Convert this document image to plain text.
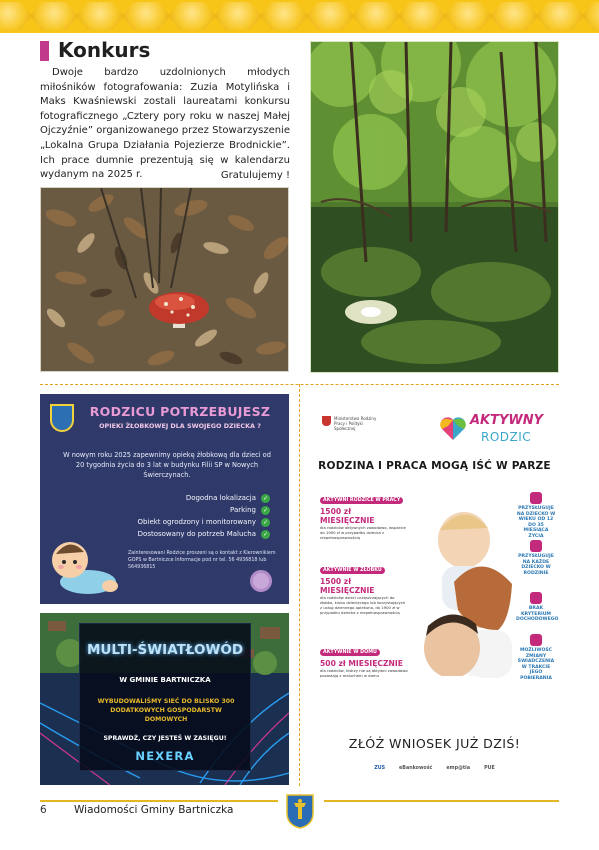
Konkurs

Dwoje bardzo uzdolnionych młodych miłośników fotografowania: Zuzia Motylińska i Maks Kwaśniewski zostali laureatami konkursu fotograficznego „Cztery pory roku w naszej Małej Ojczyźnie” organizowanego przez Stowarzyszenie „Lokalna Grupa Działania Pojezierze Brodnickie”. Ich prace dumnie prezentują się w kalendarzu wydanym na 2025 r.	Gratulujemy !
RODZICU POTRZEBUJESZ
OPIEKI ŻŁOBKOWEJ DLA SWOJEGO DZIECKA ?
W nowym roku 2025 zapewnimy opiekę żłobkową dla dzieci od 20 tygodnia życia do 3 lat w budynku Filii SP w Nowych Świerczynach.
Dogodna lokalizacja	✓
Parking	✓
Obiekt ogrodzony i monitorowany	✓
Dostosowany do potrzeb Malucha	✓
Zainteresowani Rodzice proszeni są o kontakt z Kierownikiem GOPS w Bartniczce Informacje pod nr tel. 56 4936818 lub 564936815
MULTI-ŚWIATŁOWÓD
W GMINIE BARTNICZKA
WYBUDOWALIŚMY SIEĆ DO BLISKO 300 DODATKOWYCH GOSPODARSTW DOMOWYCH
SPRAWDŹ, CZY JESTEŚ W ZASIĘGU!
NEXERA
Ministerstwo Rodziny Pracy i Polityki Społecznej
AKTYWNY
RODZIC
RODZINA I PRACA MOGĄ IŚĆ W PARZE
AKTYWNI RODZICE W PRACY
1500 zł MIESIĘCZNIE
dla rodziców aktywnych zawodowo, wsparcie do 1900 zł w przypadku dziecka z niepełnosprawnością
AKTYWNIE W ŻŁOBKU
1500 zł MIESIĘCZNIE
dla rodziców dzieci uczęszczających do żłobka, klubu dziecięcego lub korzystających z usług dziennego opiekuna, do 1900 zł w przypadku dziecka z niepełnosprawnością
AKTYWNIE W DOMU
500 zł MIESIĘCZNIE
dla rodziców, którzy nie są aktywni zawodowo pozostają z maluchem w domu
PRZYSŁUGUJE NA DZIECKO W WIEKU OD 12 DO 35 MIESIĄCA ŻYCIA
PRZYSŁUGUJE NA KAŻDE DZIECKO W RODZINIE
BRAK KRYTERIUM DOCHODOWEGO
MOŻLIWOŚĆ ZMIANY ŚWIADCZENIA W TRAKCIE JEGO POBIERANIA
ZŁÓŻ WNIOSEK JUŻ DZIŚ!
ZUS	eBankowość	emp@tia	PUE
6	Wiadomości Gminy Bartniczka
